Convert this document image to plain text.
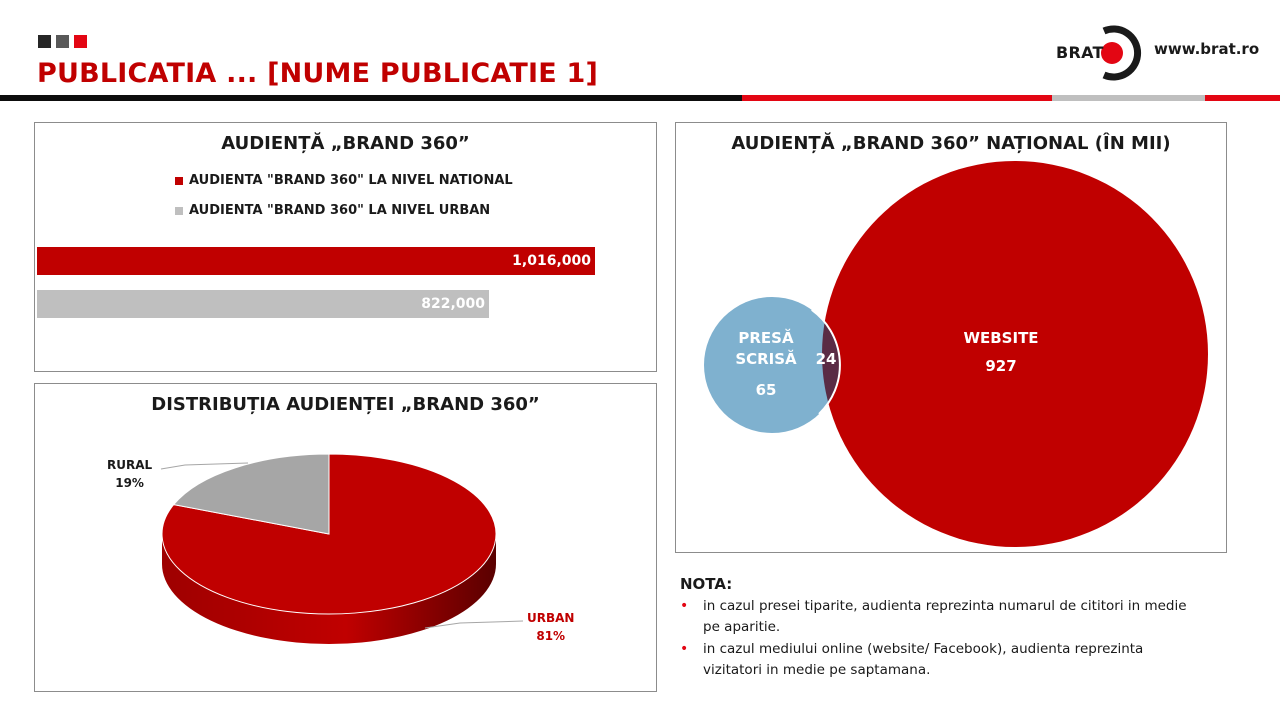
PUBLICATIA ... [NUME PUBLICATIE 1]
BRAT	www.brat.ro
AUDIENȚĂ „BRAND 360”
AUDIENTA "BRAND 360" LA NIVEL NATIONAL
AUDIENTA "BRAND 360" LA NIVEL URBAN
1,016,000
822,000
DISTRIBUȚIA AUDIENȚEI „BRAND 360”
RURAL
19%
URBAN
81%
AUDIENȚĂ „BRAND 360” NAȚIONAL (ÎN MII)
PRESĂ
SCRISĂ
65
24
WEBSITE
927
NOTA:
• in cazul presei tiparite, audienta reprezinta numarul de cititori in medie pe aparitie.
• in cazul mediului online (website/ Facebook), audienta reprezinta vizitatori in medie pe saptamana.
